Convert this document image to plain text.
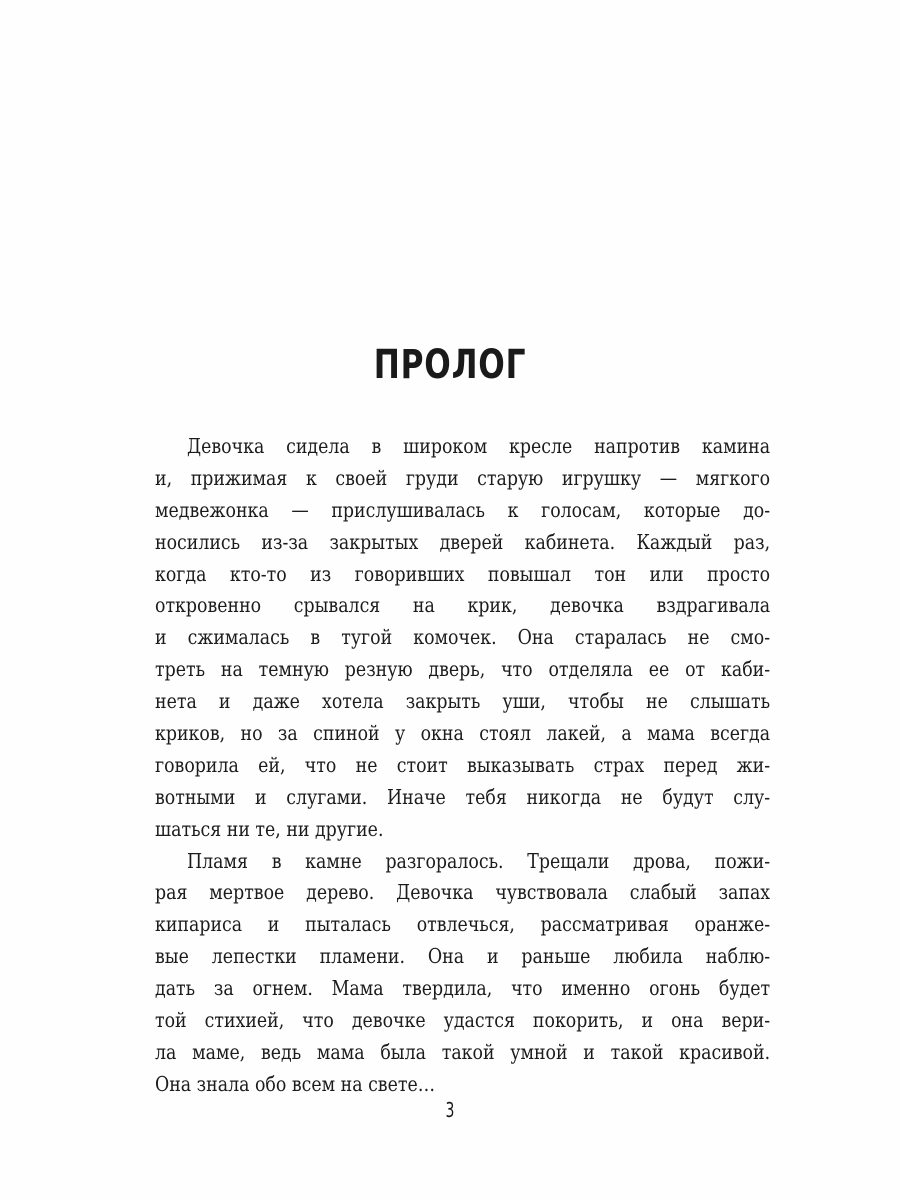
ПРОЛОГ
Девочка сидела в широком кресле напротив камина
и, прижимая к своей груди старую игрушку — мягкого
медвежонка — прислушивалась к голосам, которые до-
носились из-за закрытых дверей кабинета. Каждый раз,
когда кто-то из говоривших повышал тон или просто
откровенно срывался на крик, девочка вздрагивала
и сжималась в тугой комочек. Она старалась не смо-
треть на темную резную дверь, что отделяла ее от каби-
нета и даже хотела закрыть уши, чтобы не слышать
криков, но за спиной у окна стоял лакей, а мама всегда
говорила ей, что не стоит выказывать страх перед жи-
вотными и слугами. Иначе тебя никогда не будут слу-
шаться ни те, ни другие.
Пламя в камне разгоралось. Трещали дрова, пожи-
рая мертвое дерево. Девочка чувствовала слабый запах
кипариса и пыталась отвлечься, рассматривая оранже-
вые лепестки пламени. Она и раньше любила наблю-
дать за огнем. Мама твердила, что именно огонь будет
той стихией, что девочке удастся покорить, и она вери-
ла маме, ведь мама была такой умной и такой красивой.
Она знала обо всем на свете…
3
